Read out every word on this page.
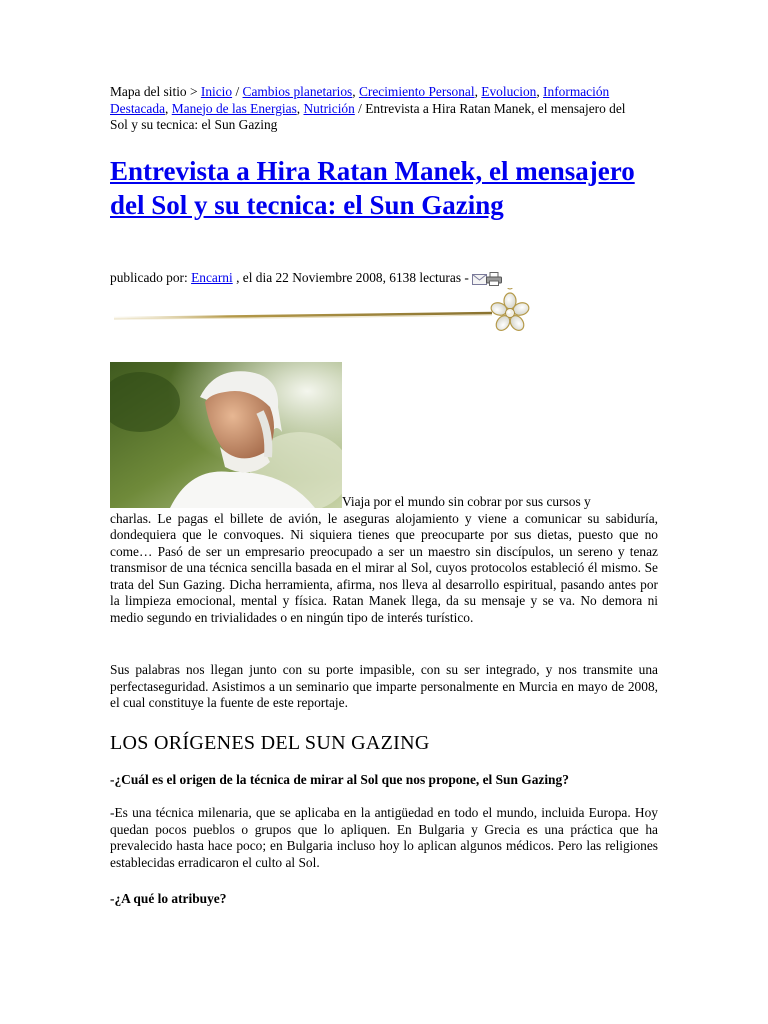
Mapa del sitio > Inicio / Cambios planetarios, Crecimiento Personal, Evolucion, Información Destacada, Manejo de las Energias, Nutrición / Entrevista a Hira Ratan Manek, el mensajero del Sol y su tecnica: el Sun Gazing
Entrevista a Hira Ratan Manek, el mensajero del Sol y su tecnica: el Sun Gazing
publicado por: Encarni , el dia 22 Noviembre 2008, 6138 lecturas -
Viaja por el mundo sin cobrar por sus cursos y
charlas. Le pagas el billete de avión, le aseguras alojamiento y viene a comunicar su sabiduría, dondequiera que le convoques. Ni siquiera tienes que preocuparte por sus dietas, puesto que no come… Pasó de ser un empresario preocupado a ser un maestro sin discípulos, un sereno y tenaz transmisor de una técnica sencilla basada en el mirar al Sol, cuyos protocolos estableció él mismo. Se trata del Sun Gazing. Dicha herramienta, afirma, nos lleva al desarrollo espiritual, pasando antes por la limpieza emocional, mental y física. Ratan Manek llega, da su mensaje y se va. No demora ni medio segundo en trivialidades o en ningún tipo de interés turístico.

Sus palabras nos llegan junto con su porte impasible, con su ser integrado, y nos transmite una perfectaseguridad. Asistimos a un seminario que imparte personalmente en Murcia en mayo de 2008, el cual constituye la fuente de este reportaje.

LOS ORÍGENES DEL SUN GAZING

-¿Cuál es el origen de la técnica de mirar al Sol que nos propone, el Sun Gazing?

-Es una técnica milenaria, que se aplicaba en la antigüedad en todo el mundo, incluida Europa. Hoy quedan pocos pueblos o grupos que lo apliquen. En Bulgaria y Grecia es una práctica que ha prevalecido hasta hace poco; en Bulgaria incluso hoy lo aplican algunos médicos. Pero las religiones establecidas erradicaron el culto al Sol.

-¿A qué lo atribuye?
